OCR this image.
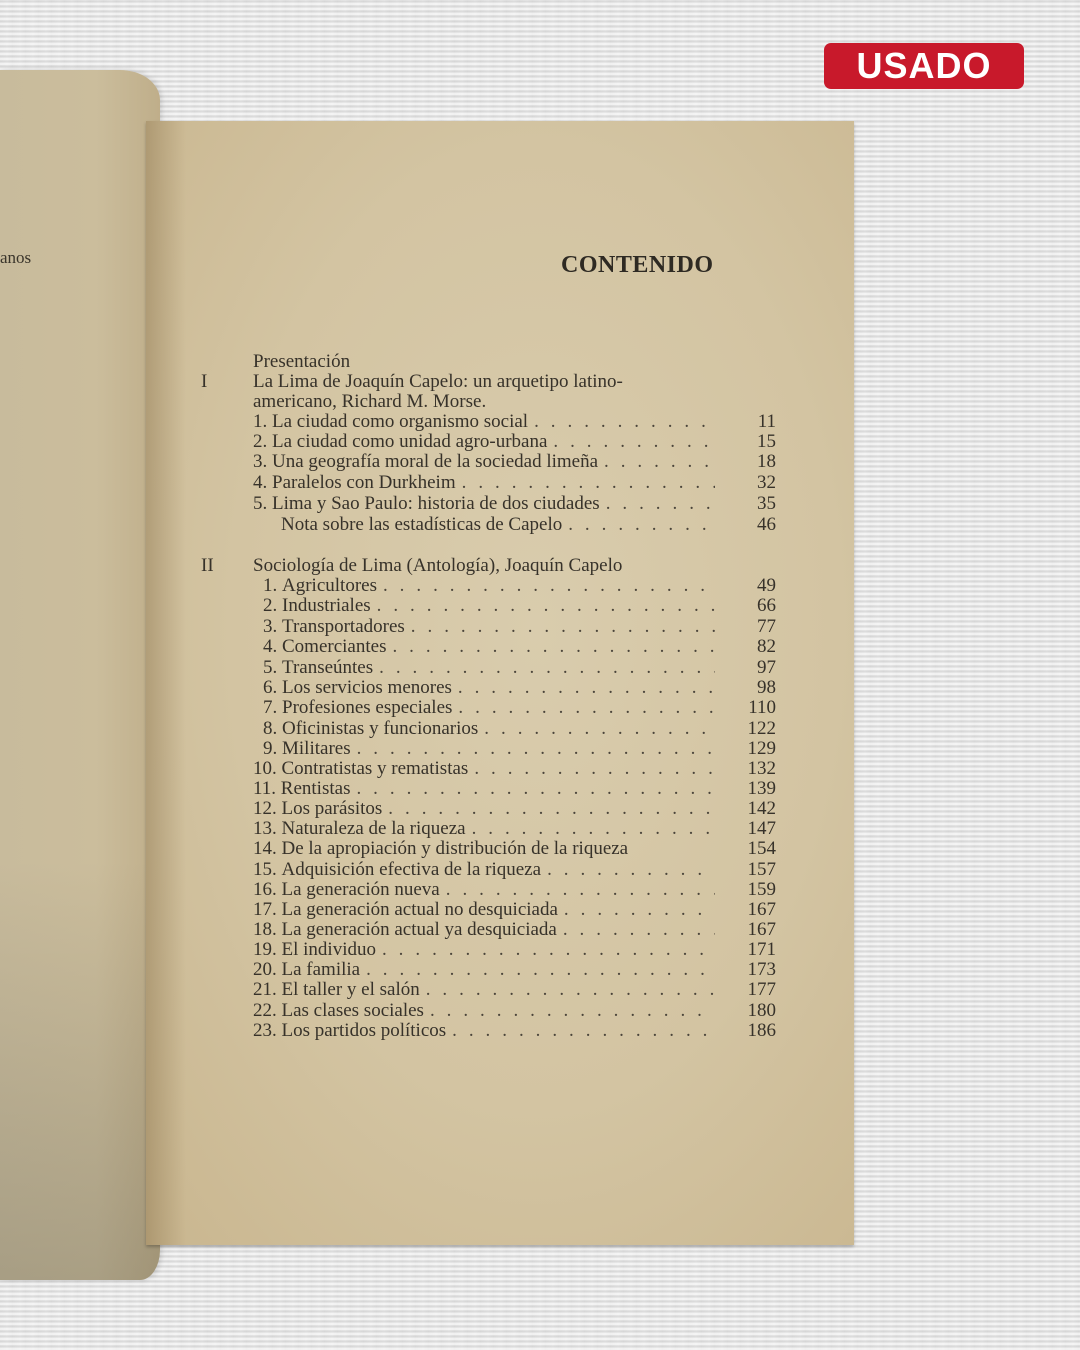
USADO
anos	CONTENIDO
Presentación
I La Lima de Joaquín Capelo: un arquetipo latino-
americano, Richard M. Morse.
1. La ciudad como organismo social . . .	11
2. La ciudad como unidad agro-urbana . . .	15
3. Una geografía moral de la sociedad limeña . . .	18
4. Paralelos con Durkheim . . .	32
5. Lima y Sao Paulo: historia de dos ciudades . . .	35
Nota sobre las estadísticas de Capelo . . .	46
II Sociología de Lima (Antología), Joaquín Capelo
1. Agricultores . . .	49
2. Industriales . . .	66
3. Transportadores . . .	77
4. Comerciantes . . .	82
5. Transeúntes . . .	97
6. Los servicios menores . . .	98
7. Profesiones especiales . . .	110
8. Oficinistas y funcionarios . . .	122
9. Militares . . .	129
10. Contratistas y rematistas . . .	132
11. Rentistas . . .	139
12. Los parásitos . . .	142
13. Naturaleza de la riqueza . . .	147
14. De la apropiación y distribución de la riqueza	154
15. Adquisición efectiva de la riqueza . . .	157
16. La generación nueva . . .	159
17. La generación actual no desquiciada . . .	167
18. La generación actual ya desquiciada . . .	167
19. El individuo . . .	171
20. La familia . . .	173
21. El taller y el salón . . .	177
22. Las clases sociales . . .	180
23. Los partidos políticos . . .	186
